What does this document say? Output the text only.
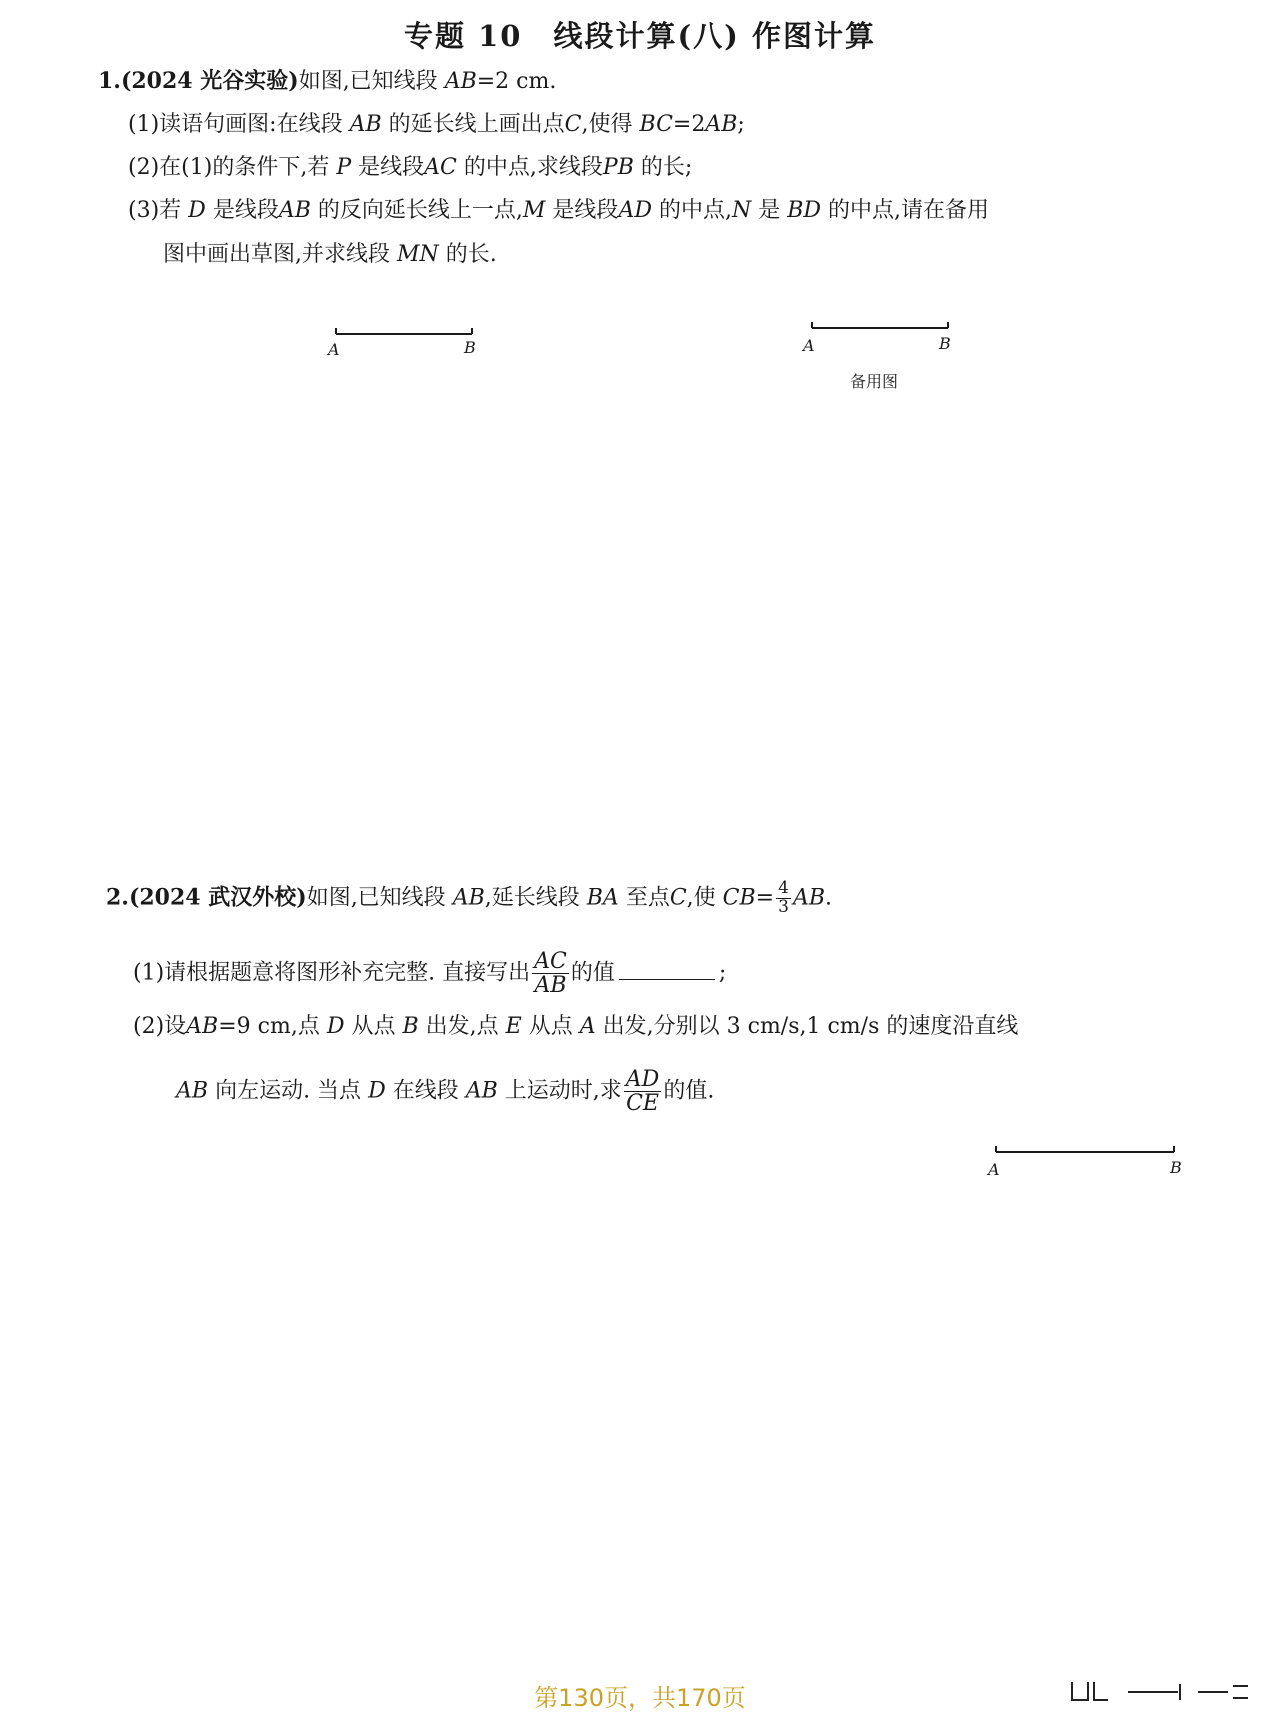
专题 10　线段计算(八) 作图计算
1.(2024 光谷实验)如图,已知线段 AB=2 cm.
(1)读语句画图:在线段 AB 的延长线上画出点C,使得 BC=2AB;
(2)在(1)的条件下,若 P 是线段AC 的中点,求线段PB 的长;
(3)若 D 是线段AB 的反向延长线上一点,M 是线段AD 的中点,N 是 BD 的中点,请在备用
图中画出草图,并求线段 MN 的长.
A	B	A	B
备用图
2.(2024 武汉外校)如图,已知线段 AB,延长线段 BA 至点C,使 $CB= \frac{4}{3}$ AB.
(1)请根据题意将图形补充完整. 直接写出 $\frac{AC}{AB}$ 的值	;
(2)设AB=9 cm,点 D 从点 B 出发,点 E 从点 A 出发,分别以 3 cm/s,1 cm/s 的速度沿直线
AB 向左运动. 当点 D 在线段 AB 上运动时,求 $\frac{AD}{CE}$ 的值.
A	B
第130页，共170页
